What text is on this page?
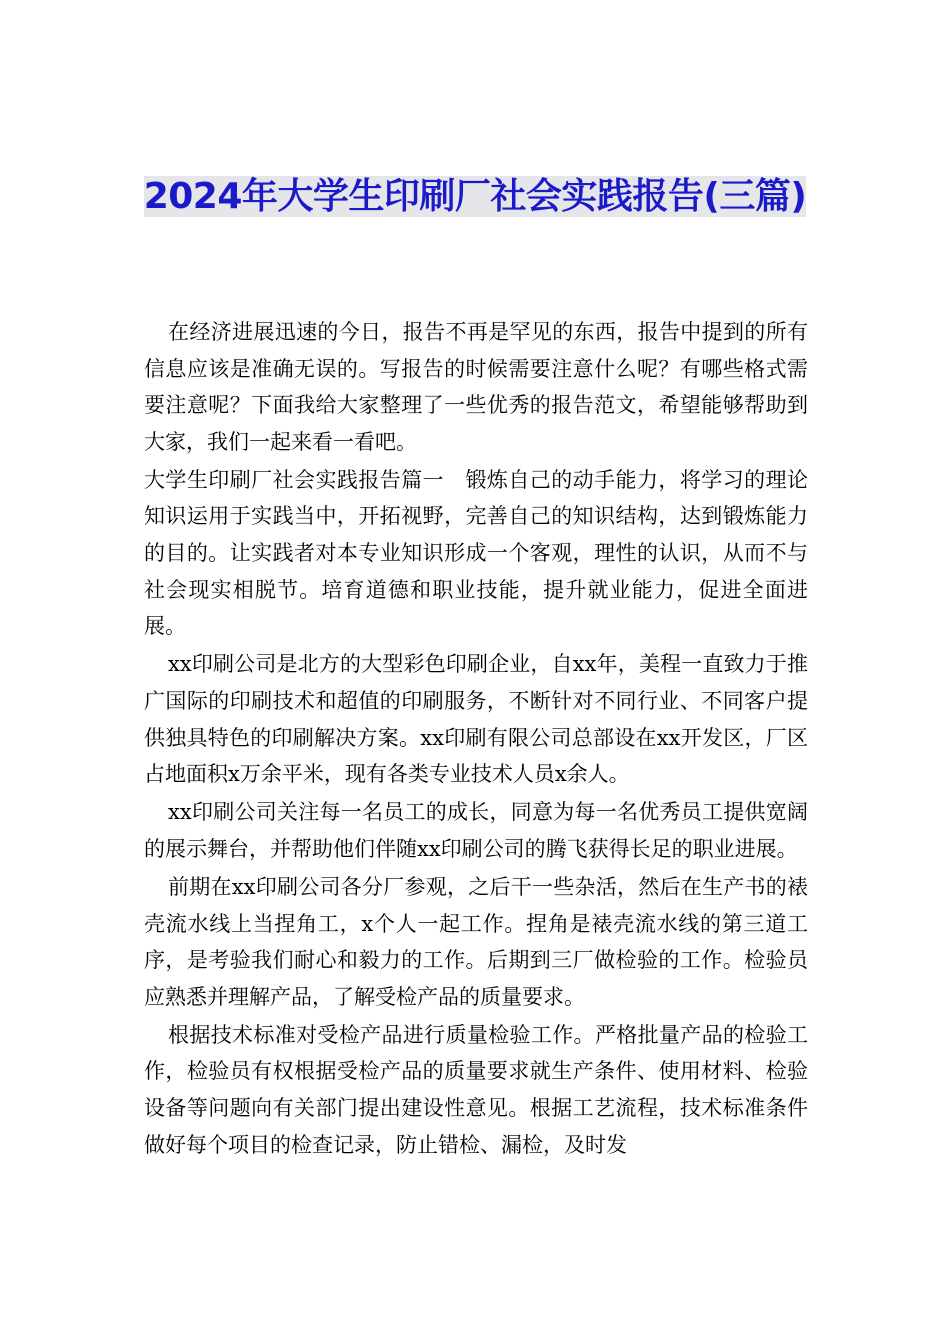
2024年大学生印刷厂社会实践报告(三篇)

在经济进展迅速的今日，报告不再是罕见的东西，报告中提到的所有信息应该是准确无误的。写报告的时候需要注意什么呢？有哪些格式需要注意呢？下面我给大家整理了一些优秀的报告范文，希望能够帮助到大家，我们一起来看一看吧。

大学生印刷厂社会实践报告篇一　锻炼自己的动手能力，将学习的理论知识运用于实践当中，开拓视野，完善自己的知识结构，达到锻炼能力的目的。让实践者对本专业知识形成一个客观，理性的认识，从而不与社会现实相脱节。培育道德和职业技能，提升就业能力，促进全面进展。

xx印刷公司是北方的大型彩色印刷企业，自xx年，美程一直致力于推广国际的印刷技术和超值的印刷服务，不断针对不同行业、不同客户提供独具特色的印刷解决方案。xx印刷有限公司总部设在xx开发区，厂区占地面积x万余平米，现有各类专业技术人员x余人。

xx印刷公司关注每一名员工的成长，同意为每一名优秀员工提供宽阔的展示舞台，并帮助他们伴随xx印刷公司的腾飞获得长足的职业进展。

前期在xx印刷公司各分厂参观，之后干一些杂活，然后在生产书的裱壳流水线上当捏角工，x个人一起工作。捏角是裱壳流水线的第三道工序，是考验我们耐心和毅力的工作。后期到三厂做检验的工作。检验员应熟悉并理解产品，了解受检产品的质量要求。

根据技术标准对受检产品进行质量检验工作。严格批量产品的检验工作，检验员有权根据受检产品的质量要求就生产条件、使用材料、检验设备等问题向有关部门提出建设性意见。根据工艺流程，技术标准条件做好每个项目的检查记录，防止错检、漏检，及时发
